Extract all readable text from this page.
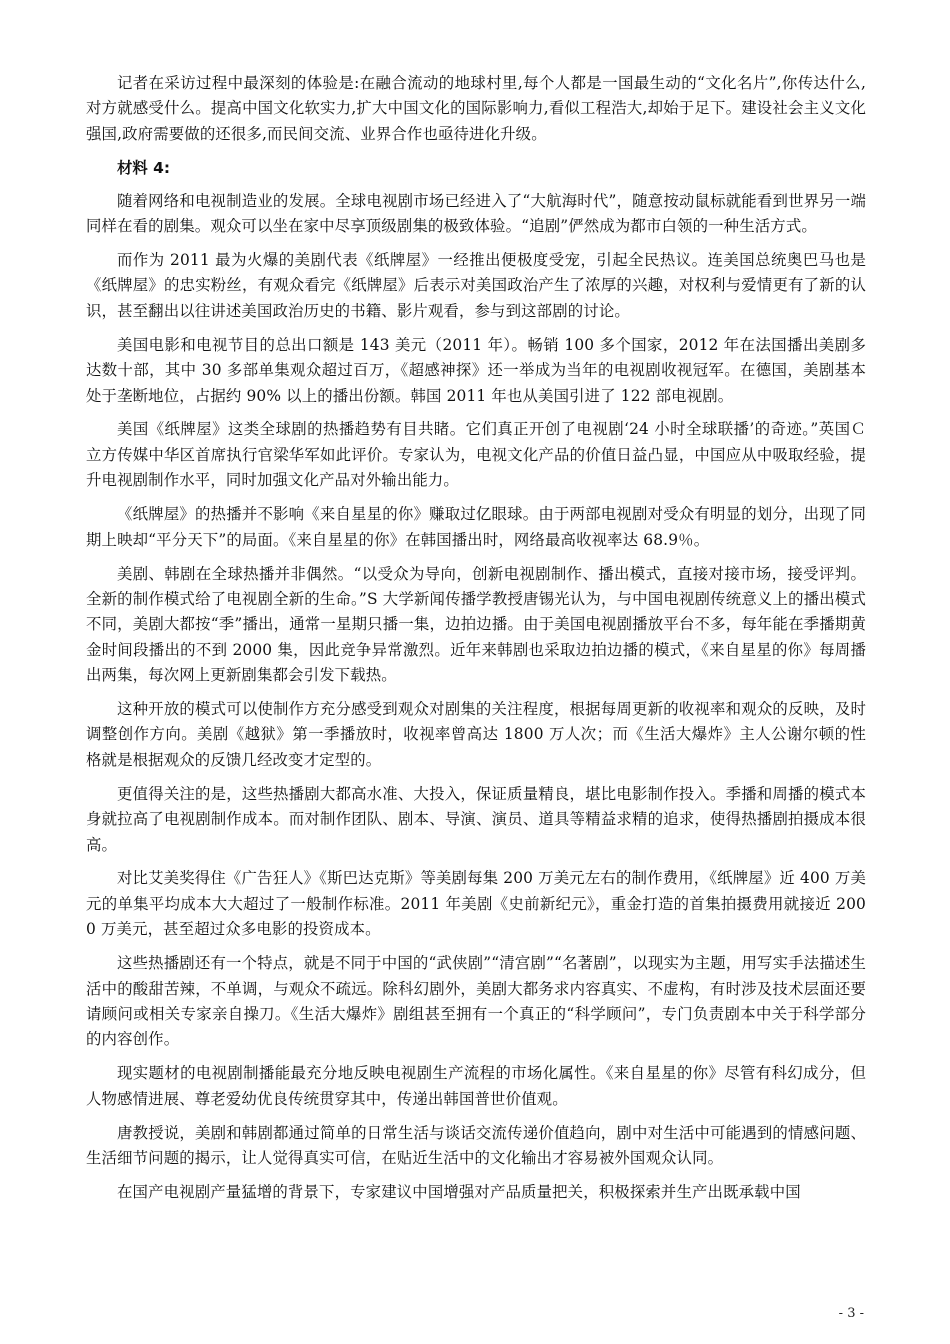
记者在采访过程中最深刻的体验是:在融合流动的地球村里,每个人都是一国最生动的“文化名片”,你传达什么,对方就感受什么。提高中国文化软实力,扩大中国文化的国际影响力,看似工程浩大,却始于足下。建设社会主义文化强国,政府需要做的还很多,而民间交流、业界合作也亟待进化升级。

材料 4:

随着网络和电视制造业的发展。全球电视剧市场已经进入了“大航海时代”，随意按动鼠标就能看到世界另一端同样在看的剧集。观众可以坐在家中尽享顶级剧集的极致体验。“追剧”俨然成为都市白领的一种生活方式。

而作为 2011 最为火爆的美剧代表《纸牌屋》一经推出便极度受宠，引起全民热议。连美国总统奥巴马也是《纸牌屋》的忠实粉丝，有观众看完《纸牌屋》后表示对美国政治产生了浓厚的兴趣，对权利与爱情更有了新的认识，甚至翻出以往讲述美国政治历史的书籍、影片观看，参与到这部剧的讨论。

美国电影和电视节目的总出口额是 143 美元（2011 年）。畅销 100 多个国家，2012 年在法国播出美剧多达数十部，其中 30 多部单集观众超过百万，《超感神探》还一举成为当年的电视剧收视冠军。在德国，美剧基本处于垄断地位，占据约 90% 以上的播出份额。韩国 2011 年也从美国引进了 122 部电视剧。

美国《纸牌屋》这类全球剧的热播趋势有目共睹。它们真正开创了电视剧‘24 小时全球联播’的奇迹。”英国Ｃ立方传媒中华区首席执行官梁华军如此评价。专家认为，电视文化产品的价值日益凸显，中国应从中吸取经验，提升电视剧制作水平，同时加强文化产品对外输出能力。

《纸牌屋》的热播并不影响《来自星星的你》赚取过亿眼球。由于两部电视剧对受众有明显的划分，出现了同期上映却“平分天下”的局面。《来自星星的你》在韩国播出时，网络最高收视率达 68.9％。

美剧、韩剧在全球热播并非偶然。“以受众为导向，创新电视剧制作、播出模式，直接对接市场，接受评判。全新的制作模式给了电视剧全新的生命。”S 大学新闻传播学教授唐锡光认为，与中国电视剧传统意义上的播出模式不同，美剧大都按“季”播出，通常一星期只播一集，边拍边播。由于美国电视剧播放平台不多，每年能在季播期黄金时间段播出的不到 2000 集，因此竞争异常激烈。近年来韩剧也采取边拍边播的模式，《来自星星的你》每周播出两集，每次网上更新剧集都会引发下载热。

这种开放的模式可以使制作方充分感受到观众对剧集的关注程度，根据每周更新的收视率和观众的反映，及时调整创作方向。美剧《越狱》第一季播放时，收视率曾高达 1800 万人次；而《生活大爆炸》主人公谢尔顿的性格就是根据观众的反馈几经改变才定型的。

更值得关注的是，这些热播剧大都高水准、大投入，保证质量精良，堪比电影制作投入。季播和周播的模式本身就拉高了电视剧制作成本。而对制作团队、剧本、导演、演员、道具等精益求精的追求，使得热播剧拍摄成本很高。

对比艾美奖得住《广告狂人》《斯巴达克斯》等美剧每集 200 万美元左右的制作费用，《纸牌屋》近 400 万美元的单集平均成本大大超过了一般制作标准。2011 年美剧《史前新纪元》，重金打造的首集拍摄费用就接近 2000 万美元，甚至超过众多电影的投资成本。

这些热播剧还有一个特点，就是不同于中国的“武侠剧”“清宫剧”“名著剧”，以现实为主题，用写实手法描述生活中的酸甜苦辣，不单调，与观众不疏远。除科幻剧外，美剧大都务求内容真实、不虚构，有时涉及技术层面还要请顾问或相关专家亲自操刀。《生活大爆炸》剧组甚至拥有一个真正的“科学顾问”，专门负责剧本中关于科学部分的内容创作。

现实题材的电视剧制播能最充分地反映电视剧生产流程的市场化属性。《来自星星的你》尽管有科幻成分，但人物感情进展、尊老爱幼优良传统贯穿其中，传递出韩国普世价值观。

唐教授说，美剧和韩剧都通过简单的日常生活与谈话交流传递价值趋向，剧中对生活中可能遇到的情感问题、生活细节问题的揭示，让人觉得真实可信，在贴近生活中的文化输出才容易被外国观众认同。

在国产电视剧产量猛增的背景下，专家建议中国增强对产品质量把关，积极探索并生产出既承载中国

- 3 -
